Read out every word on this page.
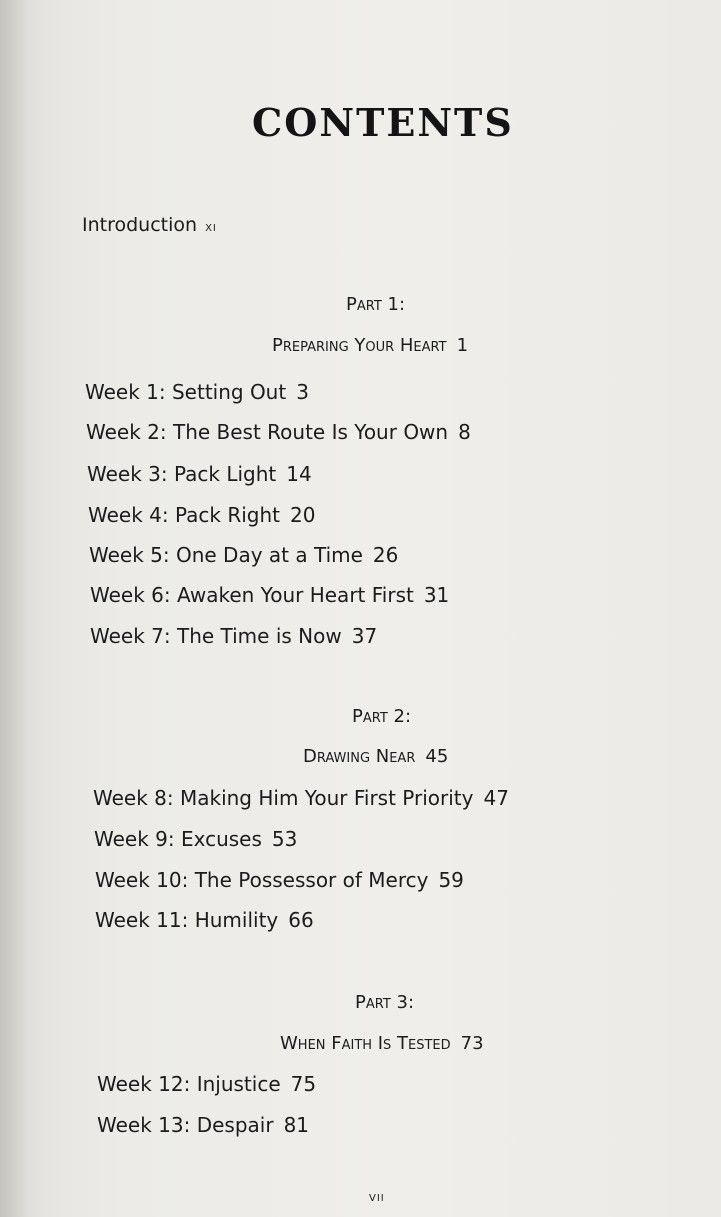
CONTENTS
Introduction xi
Part 1:
Preparing Your Heart 1
Week 1: Setting Out 3
Week 2: The Best Route Is Your Own 8
Week 3: Pack Light 14
Week 4: Pack Right 20
Week 5: One Day at a Time 26
Week 6: Awaken Your Heart First 31
Week 7: The Time is Now 37
Part 2:
Drawing Near 45
Week 8: Making Him Your First Priority 47
Week 9: Excuses 53
Week 10: The Possessor of Mercy 59
Week 11: Humility 66
Part 3:
When Faith Is Tested 73
Week 12: Injustice 75
Week 13: Despair 81
vii
